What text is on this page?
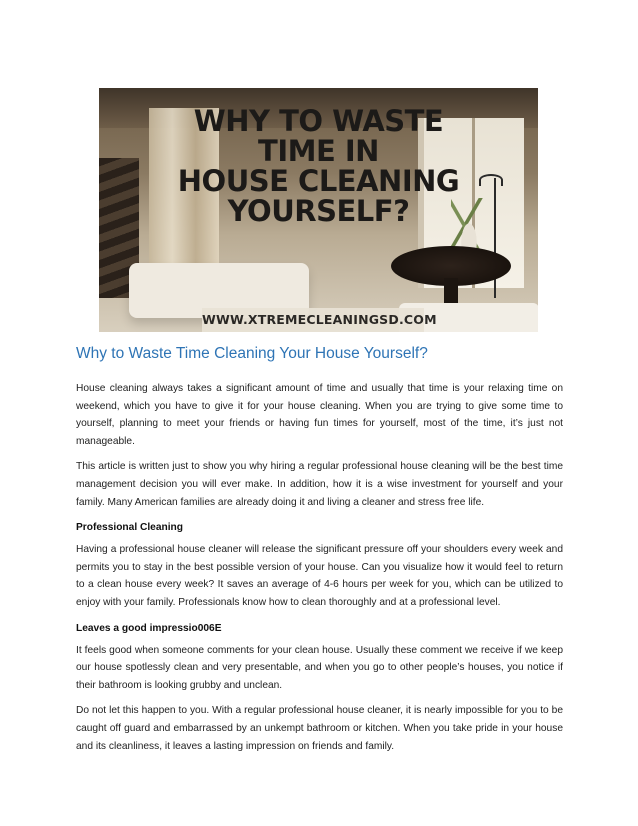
WHY TO WASTE
TIME IN
HOUSE CLEANING
YOURSELF?
WWW.XTREMECLEANINGSD.COM
Why to Waste Time Cleaning Your House Yourself?

House cleaning always takes a significant amount of time and usually that time is your relaxing time on weekend, which you have to give it for your house cleaning. When you are trying to give some time to yourself, planning to meet your friends or having fun times for yourself, most of the time, it’s just not manageable.

This article is written just to show you why hiring a regular professional house cleaning will be the best time management decision you will ever make. In addition, how it is a wise investment for yourself and your family. Many American families are already doing it and living a cleaner and stress free life.

Professional Cleaning

Having a professional house cleaner will release the significant pressure off your shoulders every week and permits you to stay in the best possible version of your house. Can you visualize how it would feel to return to a clean house every week? It saves an average of 4-6 hours per week for you, which can be utilized to enjoy with your family. Professionals know how to clean thoroughly and at a professional level.

Leaves a good impressio006E

It feels good when someone comments for your clean house. Usually these comment we receive if we keep our house spotlessly clean and very presentable, and when you go to other people’s houses, you notice if their bathroom is looking grubby and unclean.

Do not let this happen to you. With a regular professional house cleaner, it is nearly impossible for you to be caught off guard and embarrassed by an unkempt bathroom or kitchen. When you take pride in your house and its cleanliness, it leaves a lasting impression on friends and family.
